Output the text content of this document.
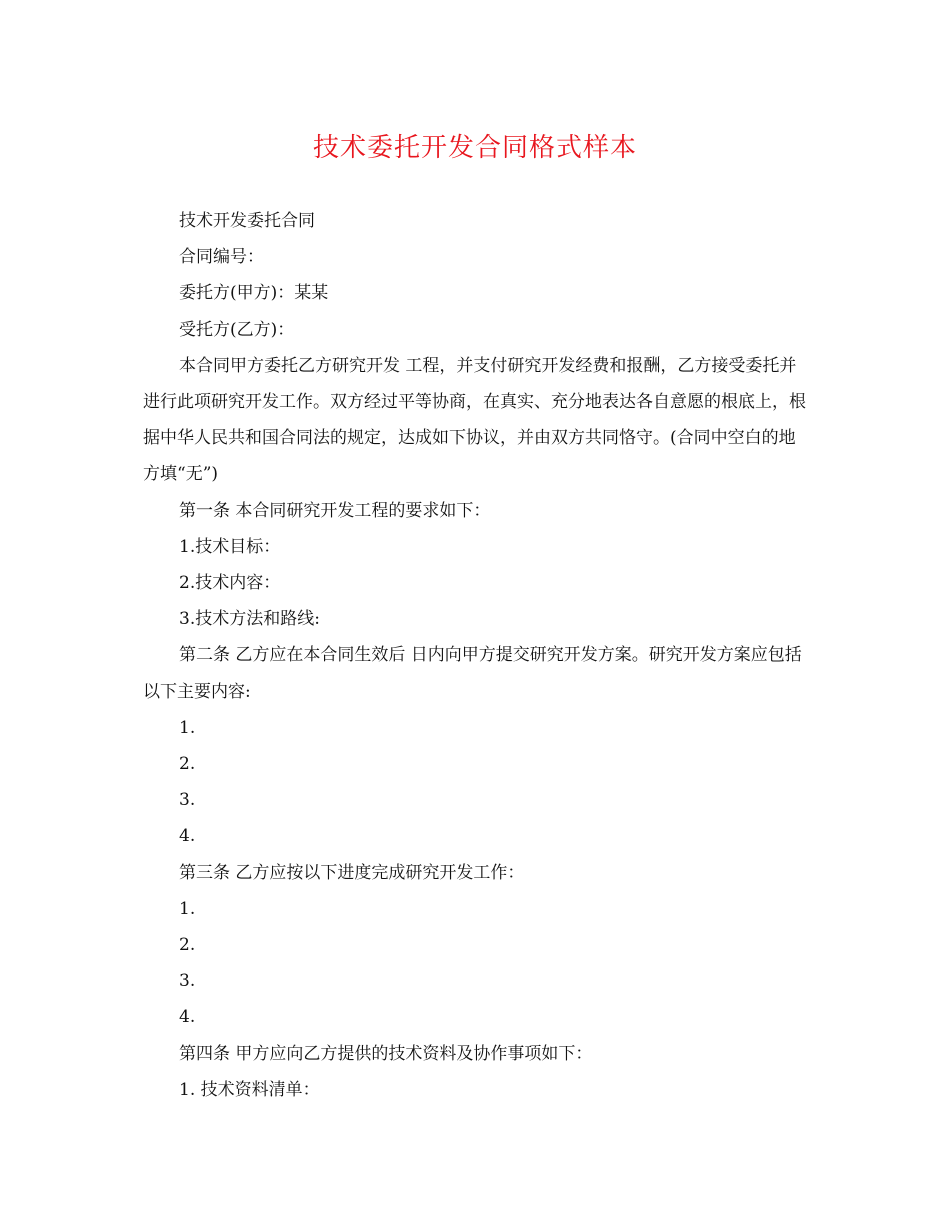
技术委托开发合同格式样本

技术开发委托合同

合同编号：

委托方(甲方)：某某

受托方(乙方)：

本合同甲方委托乙方研究开发 工程，并支付研究开发经费和报酬，乙方接受委托并进行此项研究开发工作。双方经过平等协商，在真实、充分地表达各自意愿的根底上，根据中华人民共和国合同法的规定，达成如下协议，并由双方共同恪守。(合同中空白的地方填“无”)

第一条 本合同研究开发工程的要求如下：

1.技术目标：

2.技术内容：

3.技术方法和路线:

第二条 乙方应在本合同生效后 日内向甲方提交研究开发方案。研究开发方案应包括以下主要内容:

1.

2.

3.

4.

第三条 乙方应按以下进度完成研究开发工作：

1.

2.

3.

4.

第四条 甲方应向乙方提供的技术资料及协作事项如下：

1. 技术资料清单：
